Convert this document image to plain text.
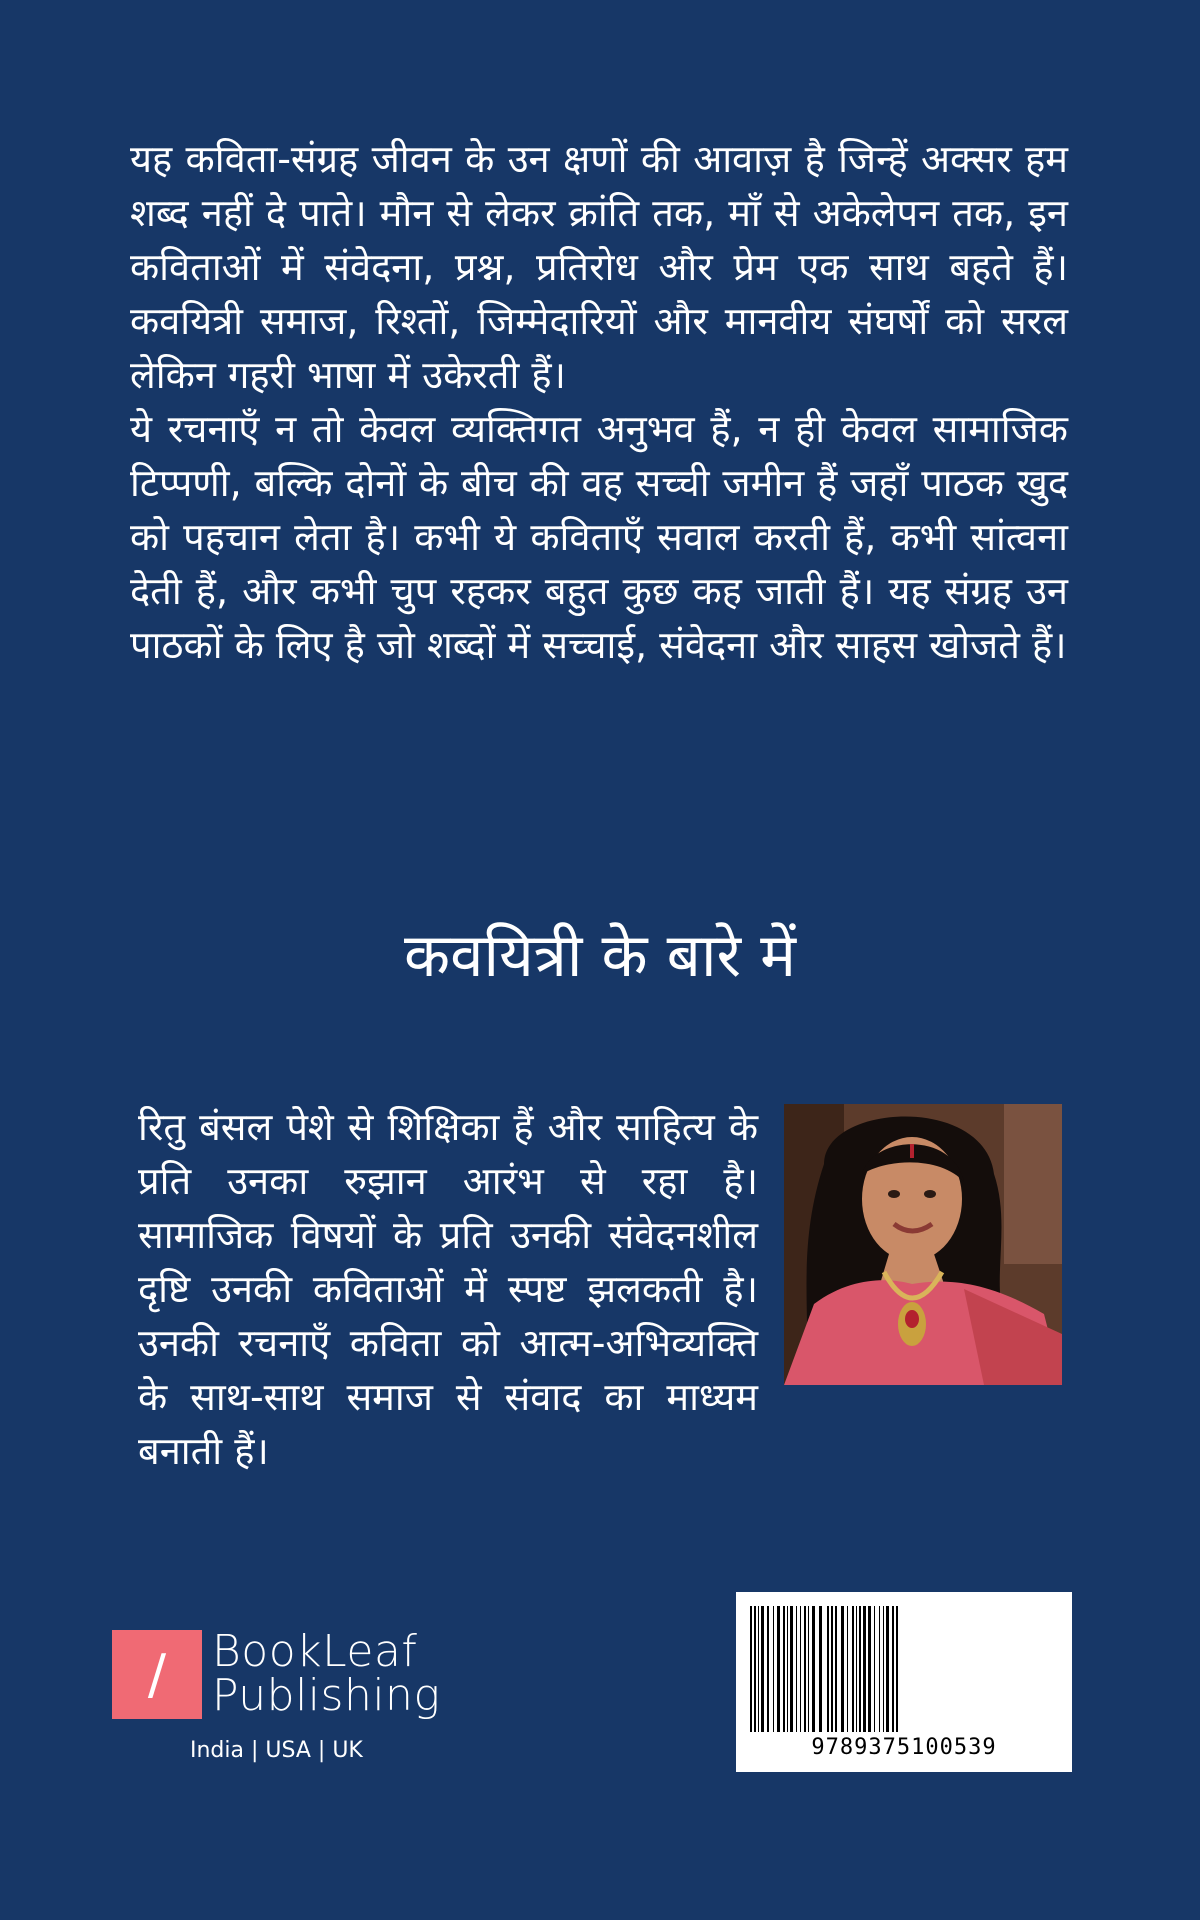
यह कविता-संग्रह जीवन के उन क्षणों की आवाज़ है जिन्हें अक्सर हम शब्द नहीं दे पाते। मौन से लेकर क्रांति तक, माँ से अकेलेपन तक, इन कविताओं में संवेदना, प्रश्न, प्रतिरोध और प्रेम एक साथ बहते हैं। कवयित्री समाज, रिश्तों, जिम्मेदारियों और मानवीय संघर्षों को सरल लेकिन गहरी भाषा में उकेरती हैं।

ये रचनाएँ न तो केवल व्यक्तिगत अनुभव हैं, न ही केवल सामाजिक टिप्पणी, बल्कि दोनों के बीच की वह सच्ची जमीन हैं जहाँ पाठक खुद को पहचान लेता है। कभी ये कविताएँ सवाल करती हैं, कभी सांत्वना देती हैं, और कभी चुप रहकर बहुत कुछ कह जाती हैं। यह संग्रह उन पाठकों के लिए है जो शब्दों में सच्चाई, संवेदना और साहस खोजते हैं।

कवयित्री के बारे में

रितु बंसल पेशे से शिक्षिका हैं और साहित्य के प्रति उनका रुझान आरंभ से रहा है। सामाजिक विषयों के प्रति उनकी संवेदनशील दृष्टि उनकी कविताओं में स्पष्ट झलकती है। उनकी रचनाएँ कविता को आत्म-अभिव्यक्ति के साथ-साथ समाज से संवाद का माध्यम बनाती हैं।

/	BookLeaf
Publishing
India | USA | UK	9789375100539
